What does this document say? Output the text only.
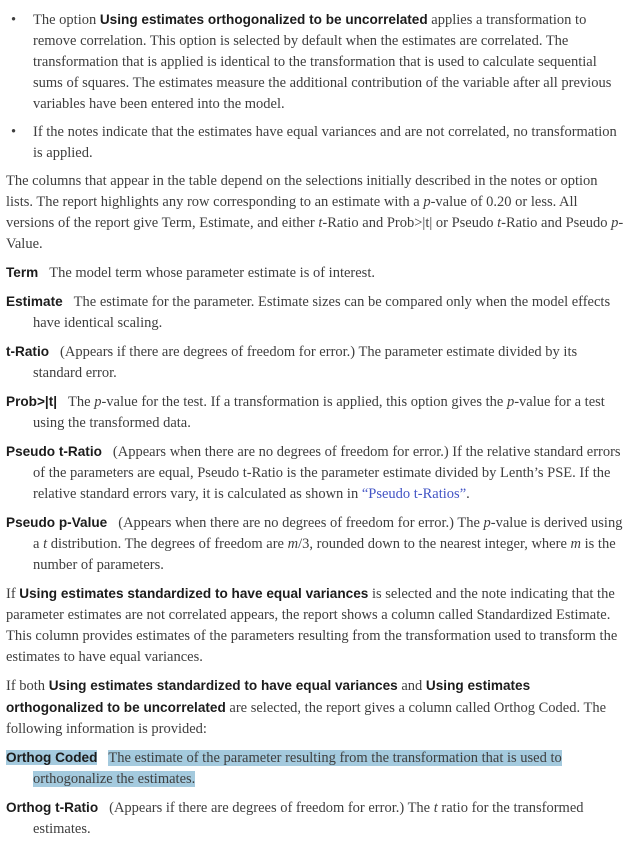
• The option Using estimates orthogonalized to be uncorrelated applies a transformation to remove correlation. This option is selected by default when the estimates are correlated. The transformation that is applied is identical to the transformation that is used to calculate sequential sums of squares. The estimates measure the additional contribution of the variable after all previous variables have been entered into the model.
• If the notes indicate that the estimates have equal variances and are not correlated, no transformation is applied.
The columns that appear in the table depend on the selections initially described in the notes or option lists. The report highlights any row corresponding to an estimate with a p-value of 0.20 or less. All versions of the report give Term, Estimate, and either t-Ratio and Prob>|t| or Pseudo t-Ratio and Pseudo p-Value.
Term The model term whose parameter estimate is of interest.
Estimate The estimate for the parameter. Estimate sizes can be compared only when the model effects have identical scaling.
t-Ratio (Appears if there are degrees of freedom for error.) The parameter estimate divided by its standard error.
Prob>|t| The p-value for the test. If a transformation is applied, this option gives the p-value for a test using the transformed data.
Pseudo t-Ratio (Appears when there are no degrees of freedom for error.) If the relative standard errors of the parameters are equal, Pseudo t-Ratio is the parameter estimate divided by Lenth’s PSE. If the relative standard errors vary, it is calculated as shown in “Pseudo t-Ratios”.
Pseudo p-Value (Appears when there are no degrees of freedom for error.) The p-value is derived using a t distribution. The degrees of freedom are m/3, rounded down to the nearest integer, where m is the number of parameters.
If Using estimates standardized to have equal variances is selected and the note indicating that the parameter estimates are not correlated appears, the report shows a column called Standardized Estimate. This column provides estimates of the parameters resulting from the transformation used to transform the estimates to have equal variances.
If both Using estimates standardized to have equal variances and Using estimates orthogonalized to be uncorrelated are selected, the report gives a column called Orthog Coded. The following information is provided:
Orthog Coded The estimate of the parameter resulting from the transformation that is used to orthogonalize the estimates.
Orthog t-Ratio (Appears if there are degrees of freedom for error.) The t ratio for the transformed estimates.
